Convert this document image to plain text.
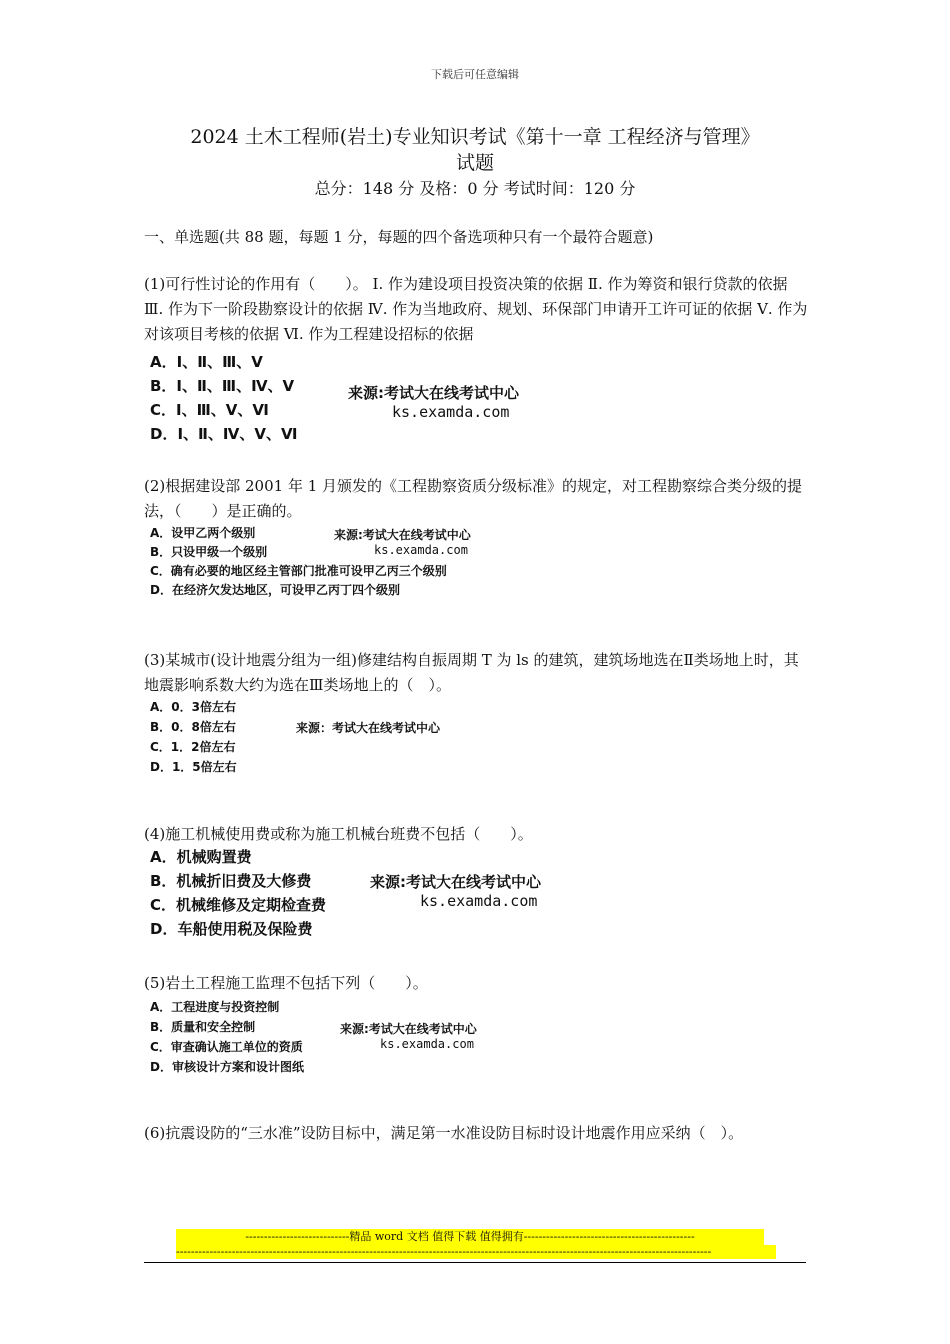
下载后可任意编辑
2024 土木工程师(岩土)专业知识考试《第十一章 工程经济与管理》
试题
总分：148 分 及格：0 分 考试时间：120 分
一、单选题(共 88 题，每题 1 分，每题的四个备选项种只有一个最符合题意)
(1)可行性讨论的作用有（　　）。 Ⅰ. 作为建设项目投资决策的依据 Ⅱ. 作为筹资和银行贷款的依据 Ⅲ. 作为下一阶段勘察设计的依据 Ⅳ. 作为当地政府、规划、环保部门申请开工许可证的依据 Ⅴ. 作为对该项目考核的依据 Ⅵ. 作为工程建设招标的依据
A．Ⅰ、Ⅱ、Ⅲ、Ⅴ
B．Ⅰ、Ⅱ、Ⅲ、Ⅳ、Ⅴ
C．Ⅰ、Ⅲ、Ⅴ、Ⅵ
D．Ⅰ、Ⅱ、Ⅳ、Ⅴ、Ⅵ
来源:考试大在线考试中心
ks.examda.com
(2)根据建设部 2001 年 1 月颁发的《工程勘察资质分级标准》的规定，对工程勘察综合类分级的提法，（　　）是正确的。
A．设甲乙两个级别
B．只设甲级一个级别
C．确有必要的地区经主管部门批准可设甲乙丙三个级别
D．在经济欠发达地区，可设甲乙丙丁四个级别
来源:考试大在线考试中心
ks.examda.com
(3)某城市(设计地震分组为一组)修建结构自振周期 T 为 ls 的建筑，建筑场地选在Ⅱ类场地上时，其地震影响系数大约为选在Ⅲ类场地上的（　）。
A．0．3倍左右
B．0．8倍左右
C．1．2倍左右
D．1．5倍左右
来源：考试大在线考试中心
(4)施工机械使用费或称为施工机械台班费不包括（　　）。
A．机械购置费
B．机械折旧费及大修费
C．机械维修及定期检查费
D．车船使用税及保险费
来源:考试大在线考试中心
ks.examda.com
(5)岩土工程施工监理不包括下列（　　）。
A．工程进度与投资控制
B．质量和安全控制
C．审查确认施工单位的资质
D．审核设计方案和设计图纸
来源:考试大在线考试中心
ks.examda.com
(6)抗震设防的“三水准”设防目标中，满足第一水准设防目标时设计地震作用应采纳（　）。
----------------------------精品 word 文档 值得下载 值得拥有----------------------------------------------
------------------------------------------------------------------------------------------------------------------------------------------------
